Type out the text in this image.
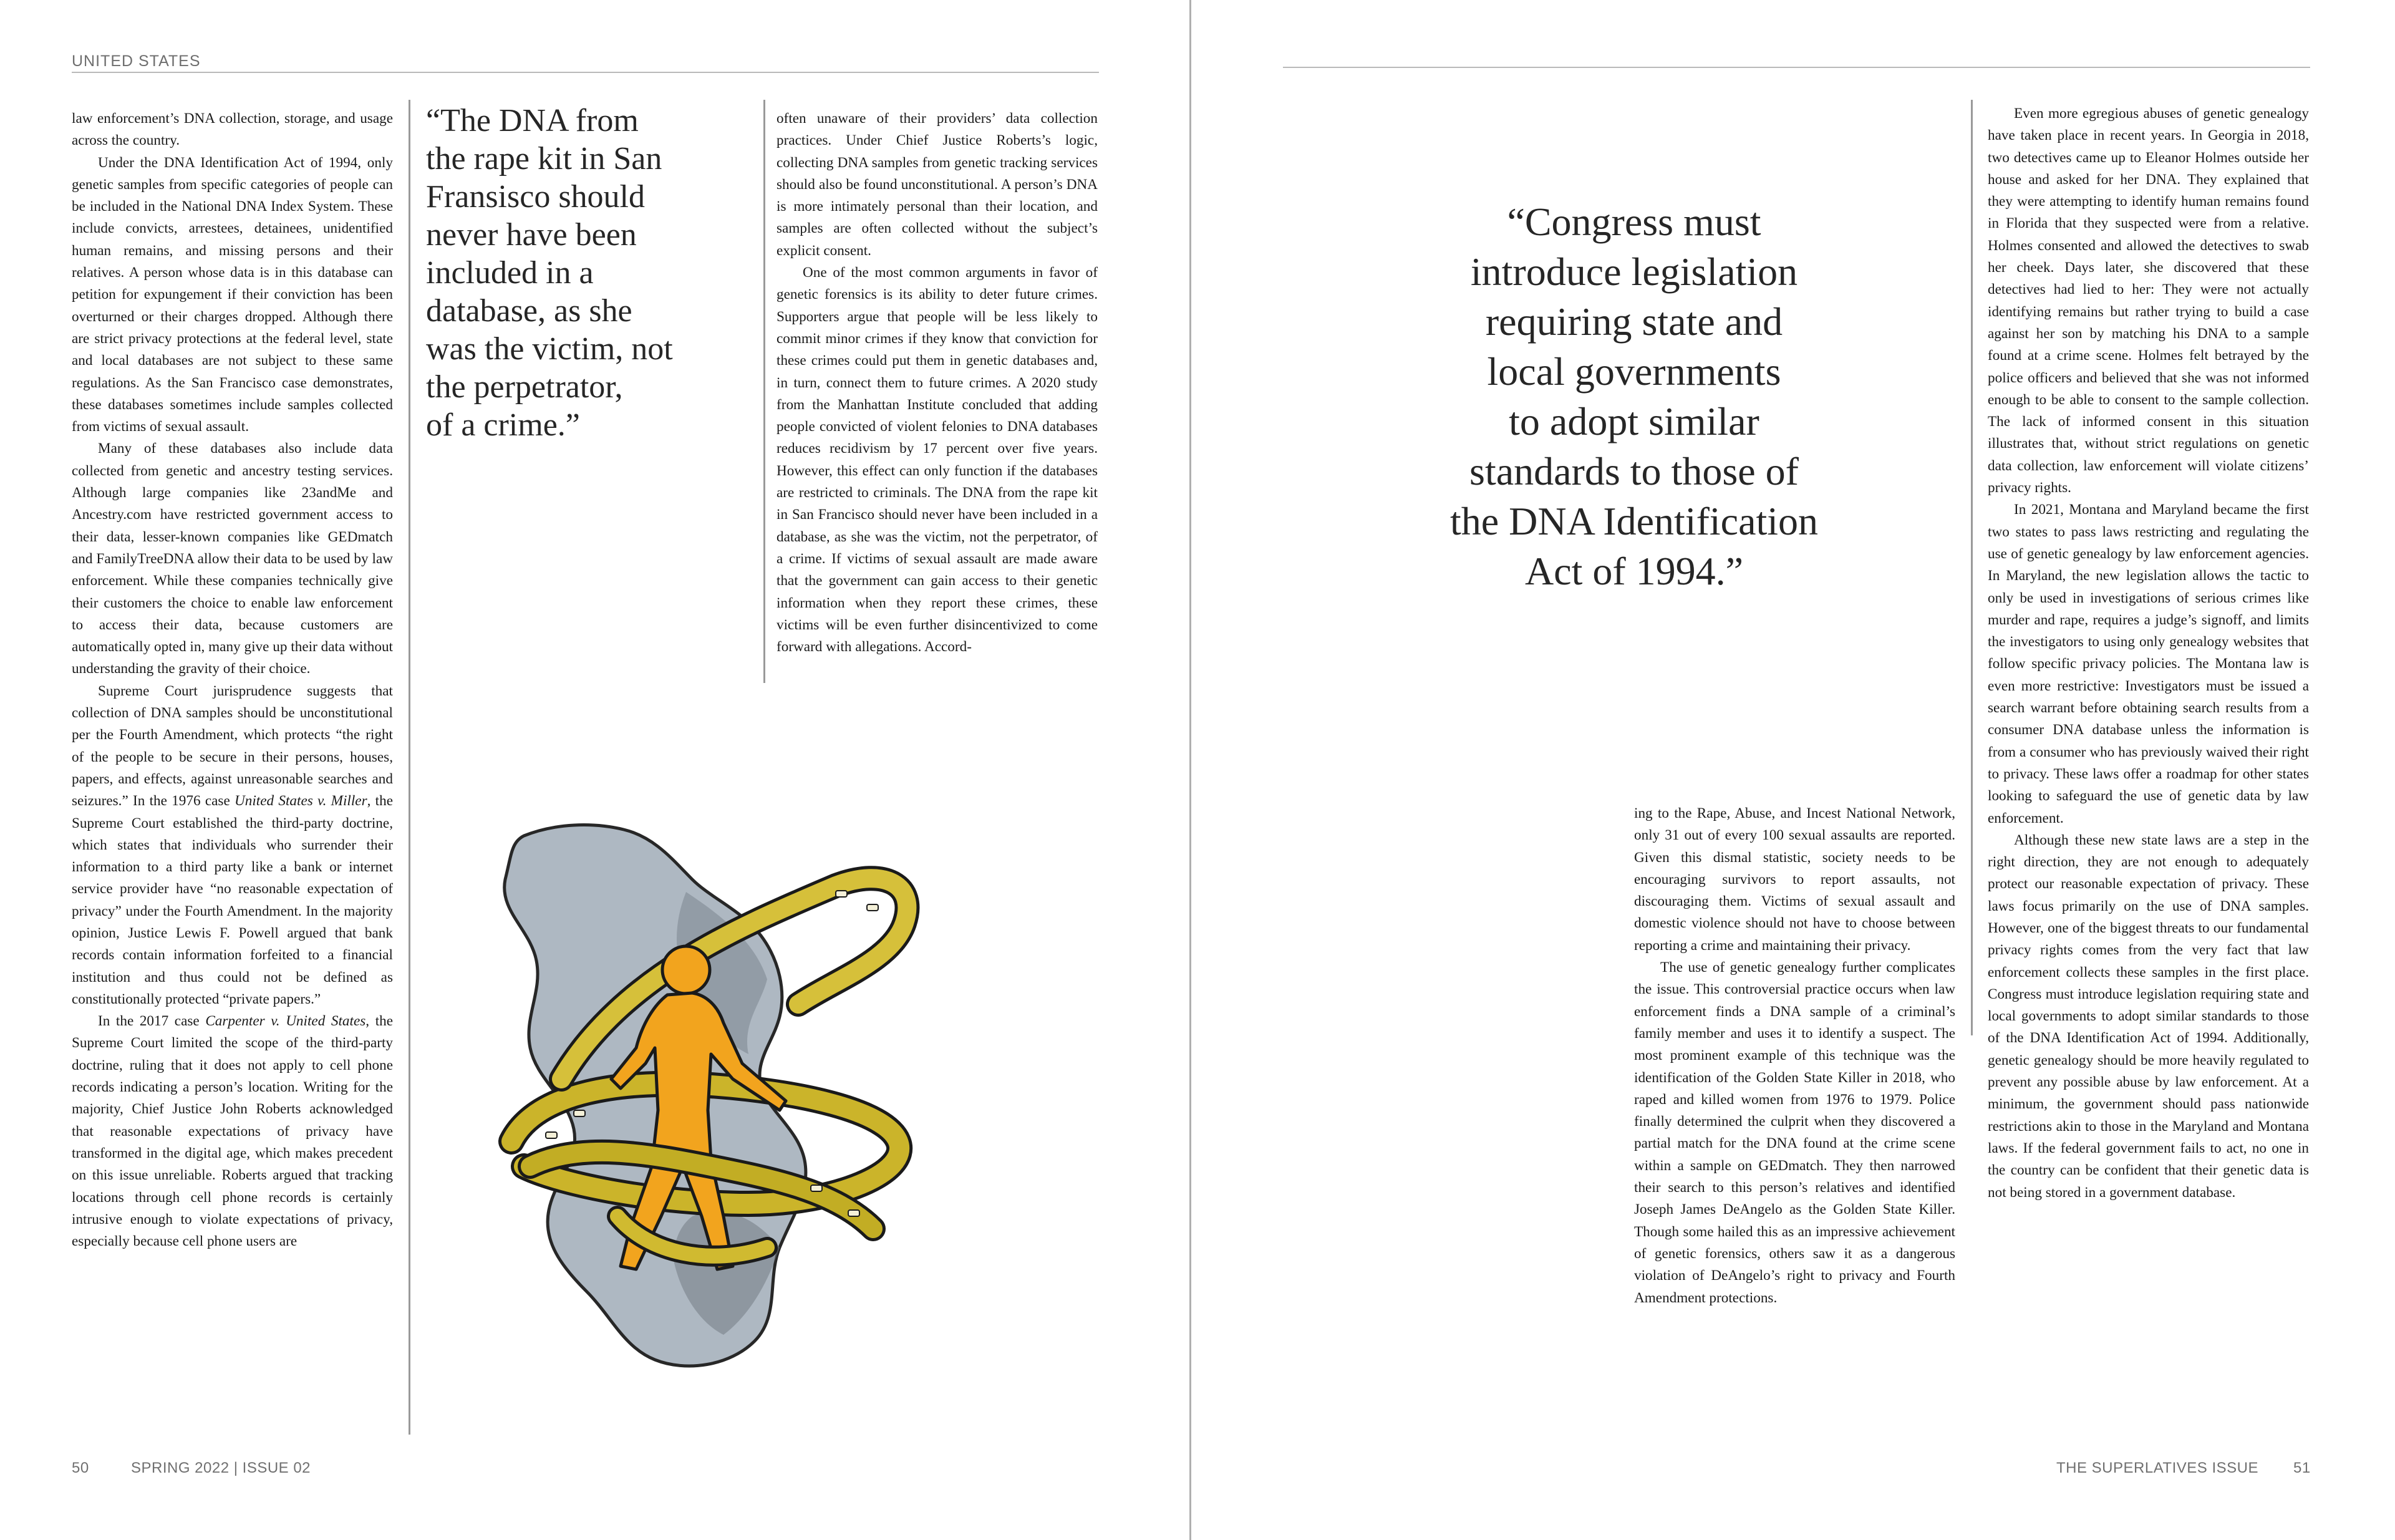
UNITED STATES

law enforcement’s DNA collection, storage, and usage across the country.

Under the DNA Identification Act of 1994, only genetic samples from specific categories of people can be included in the National DNA Index System. These include convicts, arrestees, detainees, unidentified human remains, and missing persons and their relatives. A person whose data is in this database can petition for expungement if their conviction has been overturned or their charges dropped. Although there are strict privacy protections at the federal level, state and local databases are not subject to these same regulations. As the San Francisco case demonstrates, these databases sometimes include samples collected from victims of sexual assault.

Many of these databases also include data collected from genetic and ancestry testing services. Although large companies like 23andMe and Ancestry.com have restricted government access to their data, lesser-known companies like GEDmatch and FamilyTreeDNA allow their data to be used by law enforcement. While these companies technically give their customers the choice to enable law enforcement to access their data, because customers are automatically opted in, many give up their data without understanding the gravity of their choice.

Supreme Court jurisprudence suggests that collection of DNA samples should be unconstitutional per the Fourth Amendment, which protects “the right of the people to be secure in their persons, houses, papers, and effects, against unreasonable searches and seizures.” In the 1976 case United States v. Miller, the Supreme Court established the third-party doctrine, which states that individuals who surrender their information to a third party like a bank or internet service provider have “no reasonable expectation of privacy” under the Fourth Amendment. In the majority opinion, Justice Lewis F. Powell argued that bank records contain information forfeited to a financial institution and thus could not be defined as constitutionally protected “private papers.”

In the 2017 case Carpenter v. United States, the Supreme Court limited the scope of the third-party doctrine, ruling that it does not apply to cell phone records indicating a person’s location. Writing for the majority, Chief Justice John Roberts acknowledged that reasonable expectations of privacy have transformed in the digital age, which makes precedent on this issue unreliable. Roberts argued that tracking locations through cell phone records is certainly intrusive enough to violate expectations of privacy, especially because cell phone users are

“The DNA from

the rape kit in San

Fransisco should

never have been

included in a

database, as she

was the victim, not

the perpetrator,

of a crime.”

often unaware of their providers’ data collection practices. Under Chief Justice Roberts’s logic, collecting DNA samples from genetic tracking services should also be found unconstitutional. A person’s DNA is more intimately personal than their location, and samples are often collected without the subject’s explicit consent.

One of the most common arguments in favor of genetic forensics is its ability to deter future crimes. Supporters argue that people will be less likely to commit minor crimes if they know that conviction for these crimes could put them in genetic databases and, in turn, connect them to future crimes. A 2020 study from the Manhattan Institute concluded that adding people convicted of violent felonies to DNA databases reduces recidivism by 17 percent over five years. However, this effect can only function if the databases are restricted to criminals. The DNA from the rape kit in San Francisco should never have been included in a database, as she was the victim, not the perpetrator, of a crime. If victims of sexual assault are made aware that the government can gain access to their genetic information when they report these crimes, these victims will be even further disincentivized to come forward with allegations. Accord-

50	SPRING 2022 | ISSUE 02

“Congress must

introduce legislation

requiring state and

local governments

to adopt similar

standards to those of

the DNA Identification

Act of 1994.”

ing to the Rape, Abuse, and Incest National Network, only 31 out of every 100 sexual assaults are reported. Given this dismal statistic, society needs to be encouraging survivors to report assaults, not discouraging them. Victims of sexual assault and domestic violence should not have to choose between reporting a crime and maintaining their privacy.

The use of genetic genealogy further complicates the issue. This controversial practice occurs when law enforcement finds a DNA sample of a criminal’s family member and uses it to identify a suspect. The most prominent example of this technique was the identification of the Golden State Killer in 2018, who raped and killed women from 1976 to 1979. Police finally determined the culprit when they discovered a partial match for the DNA found at the crime scene within a sample on GEDmatch. They then narrowed their search to this person’s relatives and identified Joseph James DeAngelo as the Golden State Killer. Though some hailed this as an impressive achievement of genetic forensics, others saw it as a dangerous violation of DeAngelo’s right to privacy and Fourth Amendment protections.

Even more egregious abuses of genetic genealogy have taken place in recent years. In Georgia in 2018, two detectives came up to Eleanor Holmes outside her house and asked for her DNA. They explained that they were attempting to identify human remains found in Florida that they suspected were from a relative. Holmes consented and allowed the detectives to swab her cheek. Days later, she discovered that these detectives had lied to her: They were not actually identifying remains but rather trying to build a case against her son by matching his DNA to a sample found at a crime scene. Holmes felt betrayed by the police officers and believed that she was not informed enough to be able to consent to the sample collection. The lack of informed consent in this situation illustrates that, without strict regulations on genetic data collection, law enforcement will violate citizens’ privacy rights.

In 2021, Montana and Maryland became the first two states to pass laws restricting and regulating the use of genetic genealogy by law enforcement agencies. In Maryland, the new legislation allows the tactic to only be used in investigations of serious crimes like murder and rape, requires a judge’s signoff, and limits the investigators to using only genealogy websites that follow specific privacy policies. The Montana law is even more restrictive: Investigators must be issued a search warrant before obtaining search results from a consumer DNA database unless the information is from a consumer who has previously waived their right to privacy. These laws offer a roadmap for other states looking to safeguard the use of genetic data by law enforcement.

Although these new state laws are a step in the right direction, they are not enough to adequately protect our reasonable expectation of privacy. These laws focus primarily on the use of DNA samples. However, one of the biggest threats to our fundamental privacy rights comes from the very fact that law enforcement collects these samples in the first place. Congress must introduce legislation requiring state and local governments to adopt similar standards to those of the DNA Identification Act of 1994. Additionally, genetic genealogy should be more heavily regulated to prevent any possible abuse by law enforcement. At a minimum, the government should pass nationwide restrictions akin to those in the Maryland and Montana laws. If the federal government fails to act, no one in the country can be confident that their genetic data is not being stored in a government database.

THE SUPERLATIVES ISSUE 51
